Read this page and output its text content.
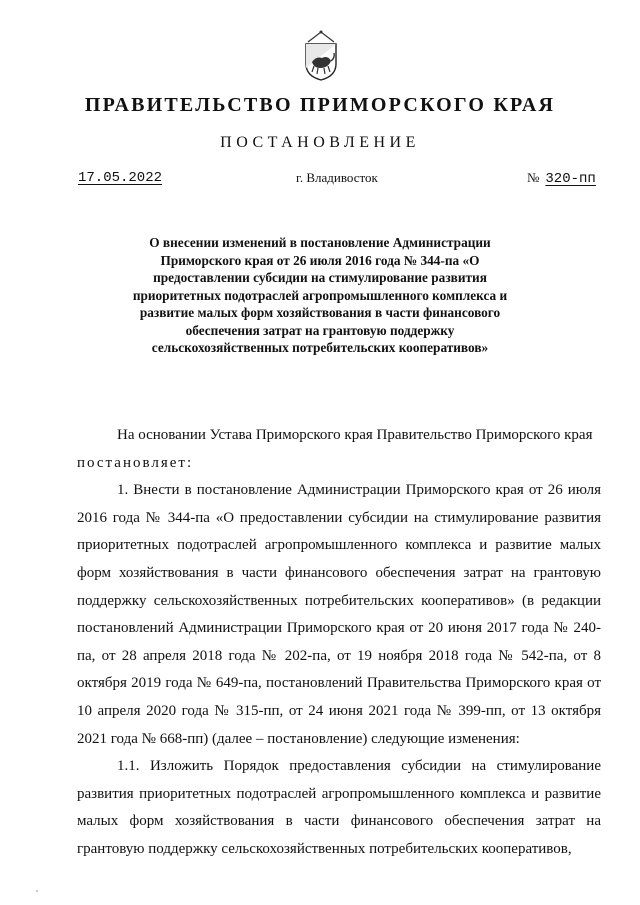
ПРАВИТЕЛЬСТВО ПРИМОРСКОГО КРАЯ
ПОСТАНОВЛЕНИЕ
17.05.2022	г. Владивосток	№ 320-пп
О внесении изменений в постановление Администрации Приморского края от 26 июля 2016 года № 344-па «О предоставлении субсидии на стимулирование развития приоритетных подотраслей агропромышленного комплекса и развитие малых форм хозяйствования в части финансового обеспечения затрат на грантовую поддержку сельскохозяйственных потребительских кооперативов»

На основании Устава Приморского края Правительство Приморского края

постановляет:

1. Внести в постановление Администрации Приморского края от 26 июля 2016 года № 344-па «О предоставлении субсидии на стимулирование развития приоритетных подотраслей агропромышленного комплекса и развитие малых форм хозяйствования в части финансового обеспечения затрат на грантовую поддержку сельскохозяйственных потребительских кооперативов» (в редакции постановлений Администрации Приморского края от 20 июня 2017 года № 240-па, от 28 апреля 2018 года № 202-па, от 19 ноября 2018 года № 542-па, от 8 октября 2019 года № 649-па, постановлений Правительства Приморского края от 10 апреля 2020 года № 315-пп, от 24 июня 2021 года № 399-пп, от 13 октября 2021 года № 668-пп) (далее – постановление) следующие изменения:

1.1. Изложить Порядок предоставления субсидии на стимулирование развития приоритетных подотраслей агропромышленного комплекса и развитие малых форм хозяйствования в части финансового обеспечения затрат на грантовую поддержку сельскохозяйственных потребительских кооперативов,
